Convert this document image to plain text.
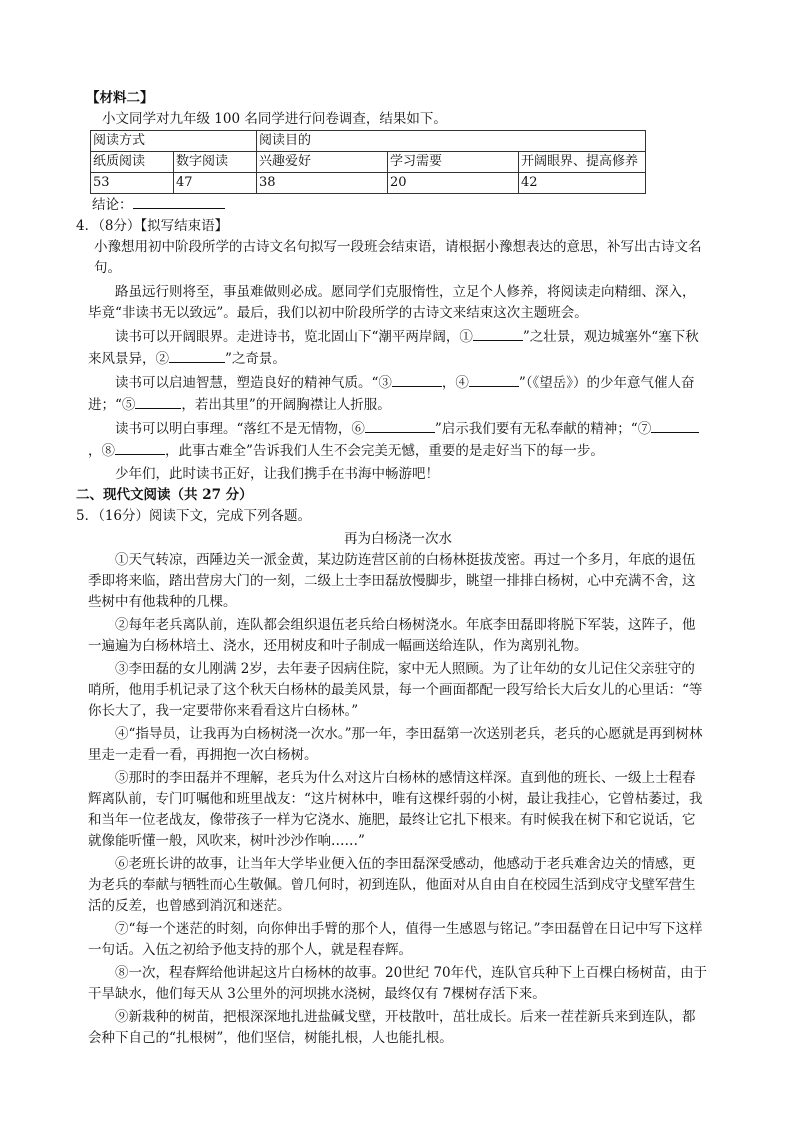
【材料二】
小文同学对九年级 100 名同学进行问卷调查，结果如下。
阅读方式		阅读目的		
纸质阅读	数字阅读	兴趣爱好	学习需要	开阔眼界、提高修养
53	47	38	20	42
结论：
4．（8分）【拟写结束语】
小豫想用初中阶段所学的古诗文名句拟写一段班会结束语，请根据小豫想表达的意思，补写出古诗文名句。
路虽远行则将至，事虽难做则必成。愿同学们克服惰性，立足个人修养，将阅读走向精细、深入，毕竟“非读书无以致远”。最后，我们以初中阶段所学的古诗文来结束这次主题班会。
读书可以开阔眼界。走进诗书，览北固山下“潮平两岸阔，①	”之壮景，观边城塞外“塞下秋来风景异，②	”之奇景。
读书可以启迪智慧，塑造良好的精神气质。“③	，④	”（《望岳》）的少年意气催人奋进；“⑤	，若出其里”的开阔胸襟让人折服。
读书可以明白事理。“落红不是无情物，⑥	”启示我们要有无私奉献的精神；“⑦，⑧	，此事古难全”告诉我们人生不会完美无憾，重要的是走好当下的每一步。
少年们，此时读书正好，让我们携手在书海中畅游吧！
二、现代文阅读（共 27 分）
5．（16分）阅读下文，完成下列各题。
再为白杨浇一次水
①天气转凉，西陲边关一派金黄，某边防连营区前的白杨林挺拔茂密。再过一个多月，年底的退伍季即将来临，踏出营房大门的一刻，二级上士李田磊放慢脚步，眺望一排排白杨树，心中充满不舍，这些树中有他栽种的几棵。
②每年老兵离队前，连队都会组织退伍老兵给白杨树浇水。年底李田磊即将脱下军装，这阵子，他一遍遍为白杨林培土、浇水，还用树皮和叶子制成一幅画送给连队，作为离别礼物。
③李田磊的女儿刚满 2岁，去年妻子因病住院，家中无人照顾。为了让年幼的女儿记住父亲驻守的哨所，他用手机记录了这个秋天白杨林的最美风景，每一个画面都配一段写给长大后女儿的心里话：“等你长大了，我一定要带你来看看这片白杨林。”
④“指导员，让我再为白杨树浇一次水。”那一年，李田磊第一次送别老兵，老兵的心愿就是再到树林里走一走看一看，再拥抱一次白杨树。
⑤那时的李田磊并不理解，老兵为什么对这片白杨林的感情这样深。直到他的班长、一级上士程春辉离队前，专门叮嘱他和班里战友：“这片树林中，唯有这棵纤弱的小树，最让我挂心，它曾枯萎过，我和当年一位老战友，像带孩子一样为它浇水、施肥，最终让它扎下根来。有时候我在树下和它说话，它就像能听懂一般，风吹来，树叶沙沙作响……”
⑥老班长讲的故事，让当年大学毕业便入伍的李田磊深受感动，他感动于老兵难舍边关的情感，更为老兵的奉献与牺牲而心生敬佩。曾几何时，初到连队，他面对从自由自在校园生活到戍守戈壁军营生活的反差，也曾感到消沉和迷茫。
⑦“每一个迷茫的时刻，向你伸出手臂的那个人，值得一生感恩与铭记。”李田磊曾在日记中写下这样一句话。入伍之初给予他支持的那个人，就是程春辉。
⑧一次，程春辉给他讲起这片白杨林的故事。20世纪 70年代，连队官兵种下上百棵白杨树苗，由于干旱缺水，他们每天从 3公里外的河坝挑水浇树，最终仅有 7棵树存活下来。
⑨新栽种的树苗，把根深深地扎进盐碱戈壁，开枝散叶，茁壮成长。后来一茬茬新兵来到连队，都会种下自己的“扎根树”，他们坚信，树能扎根，人也能扎根。
